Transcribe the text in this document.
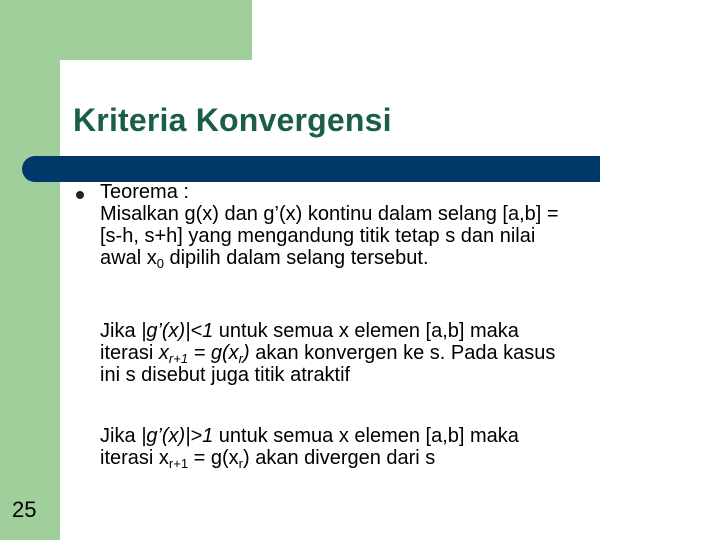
Kriteria Konvergensi

Teorema :
Misalkan g(x) dan g’(x) kontinu dalam selang [a,b] =
[s-h, s+h] yang mengandung titik tetap s dan nilai
awal $x_0$ dipilih dalam selang tersebut.

Jika |g’(x)|<1 untuk semua x elemen [a,b] maka
iterasi $x_{r+1} = g(x_r)$ akan konvergen ke s. Pada kasus
ini s disebut juga titik atraktif

Jika |g’(x)|>1 untuk semua x elemen [a,b] maka
iterasi $x_{r+1} = g(x_r)$ akan divergen dari s

25
